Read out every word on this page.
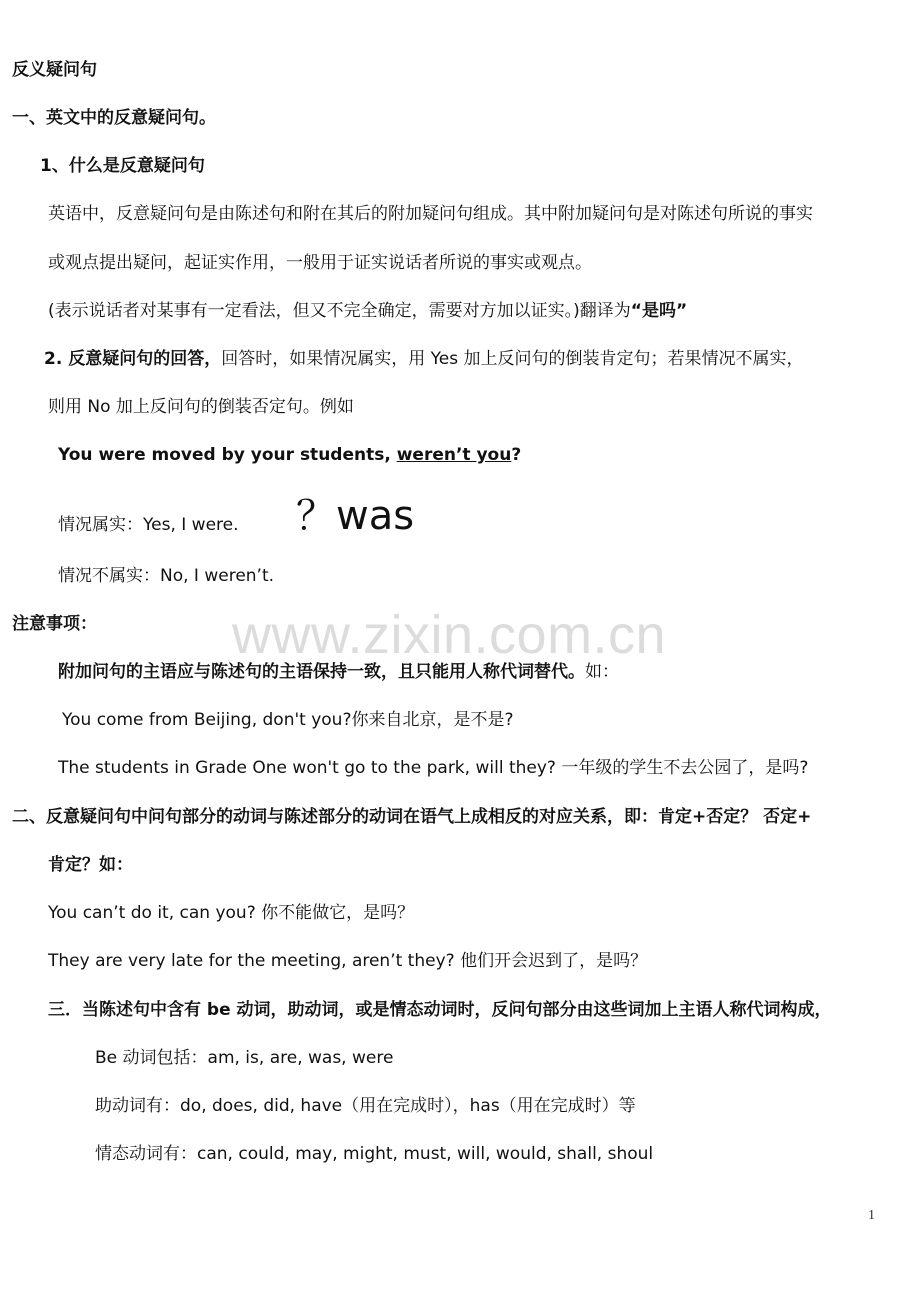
反义疑问句
一、英文中的反意疑问句。
1、什么是反意疑问句
英语中，反意疑问句是由陈述句和附在其后的附加疑问句组成。其中附加疑问句是对陈述句所说的事实
或观点提出疑问，起证实作用，一般用于证实说话者所说的事实或观点。
(表示说话者对某事有一定看法，但又不完全确定，需要对方加以证实。)翻译为“是吗”
2. 反意疑问句的回答，回答时，如果情况属实，用 Yes 加上反问句的倒装肯定句；若果情况不属实，
则用 No 加上反问句的倒装否定句。例如
You were moved by your students, weren’t you?
情况属实：Yes, I were. ？was
情况不属实：No, I weren’t.
注意事项：
附加问句的主语应与陈述句的主语保持一致，且只能用人称代词替代。如：
You come from Beijing, don't you?你来自北京，是不是?
The students in Grade One won't go to the park, will they? 一年级的学生不去公园了，是吗?
二、反意疑问句中问句部分的动词与陈述部分的动词在语气上成相反的对应关系，即：肯定+否定？ 否定+
肯定？如：
You can’t do it, can you? 你不能做它，是吗？
They are very late for the meeting, aren’t they? 他们开会迟到了，是吗？
三．当陈述句中含有 be 动词，助动词，或是情态动词时，反问句部分由这些词加上主语人称代词构成，
Be 动词包括：am, is, are, was, were
助动词有：do, does, did, have（用在完成时），has（用在完成时）等
情态动词有：can, could, may, might, must, will, would, shall, shoul
www.zixin.com.cn
1
